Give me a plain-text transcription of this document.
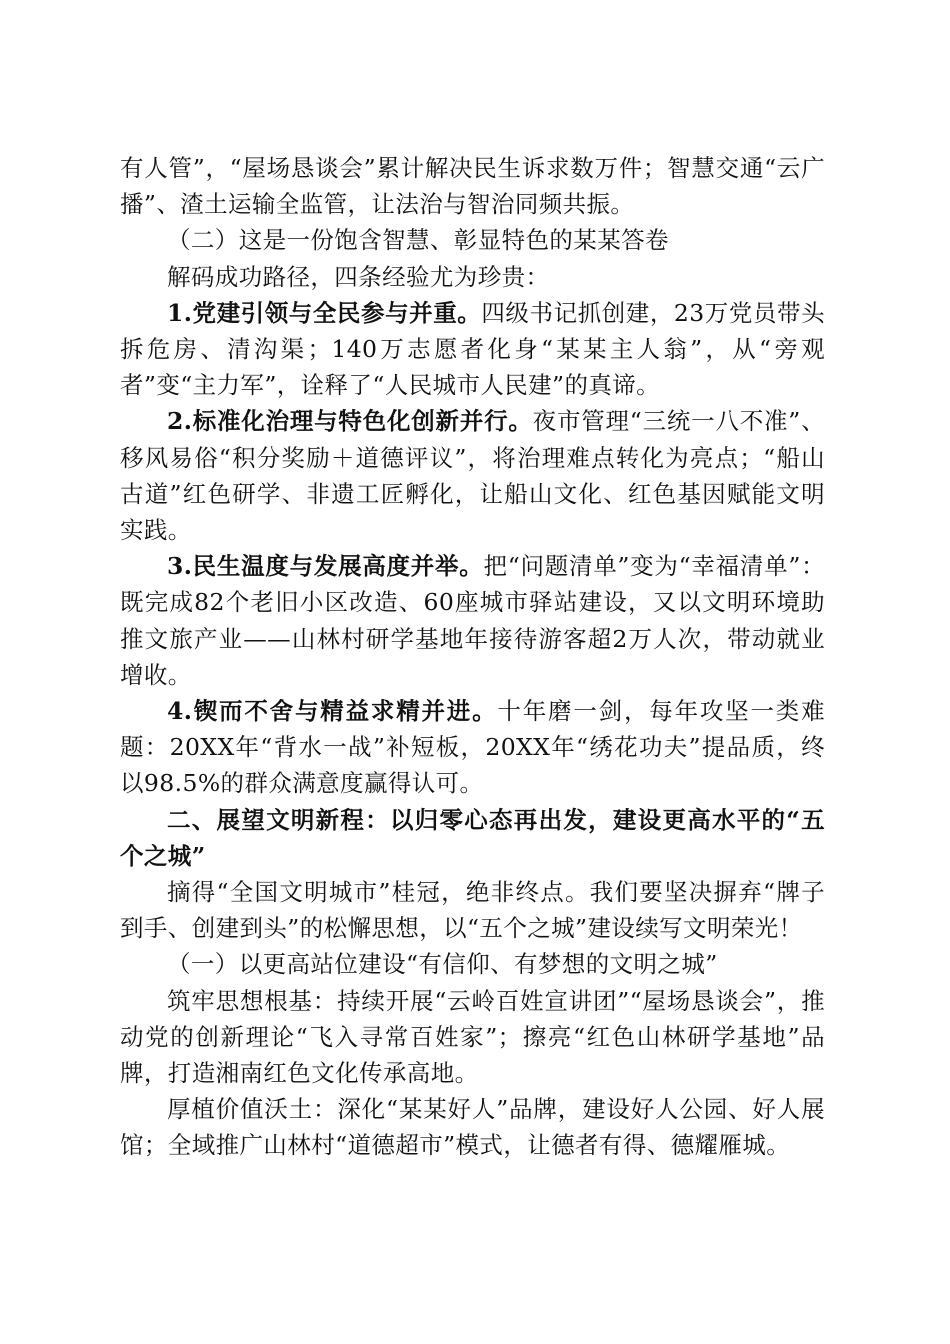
有人管”，“屋场恳谈会”累计解决民生诉求数万件；智慧交通“云广播”、渣土运输全监管，让法治与智治同频共振。

（二）这是一份饱含智慧、彰显特色的某某答卷

解码成功路径，四条经验尤为珍贵：

1.党建引领与全民参与并重。四级书记抓创建，23万党员带头拆危房、清沟渠；140万志愿者化身“某某主人翁”，从“旁观者”变“主力军”，诠释了“人民城市人民建”的真谛。

2.标准化治理与特色化创新并行。夜市管理“三统一八不准”、移风易俗“积分奖励＋道德评议”，将治理难点转化为亮点；“船山古道”红色研学、非遗工匠孵化，让船山文化、红色基因赋能文明实践。

3.民生温度与发展高度并举。把“问题清单”变为“幸福清单”：既完成82个老旧小区改造、60座城市驿站建设，又以文明环境助推文旅产业——山林村研学基地年接待游客超2万人次，带动就业增收。

4.锲而不舍与精益求精并进。十年磨一剑，每年攻坚一类难题：20XX年“背水一战”补短板，20XX年“绣花功夫”提品质，终以98.5%的群众满意度赢得认可。

二、展望文明新程：以归零心态再出发，建设更高水平的“五个之城”

摘得“全国文明城市”桂冠，绝非终点。我们要坚决摒弃“牌子到手、创建到头”的松懈思想，以“五个之城”建设续写文明荣光！

（一）以更高站位建设“有信仰、有梦想的文明之城”

筑牢思想根基：持续开展“云岭百姓宣讲团”“屋场恳谈会”，推动党的创新理论“飞入寻常百姓家”；擦亮“红色山林研学基地”品牌，打造湘南红色文化传承高地。

厚植价值沃土：深化“某某好人”品牌，建设好人公园、好人展馆；全域推广山林村“道德超市”模式，让德者有得、德耀雁城。
